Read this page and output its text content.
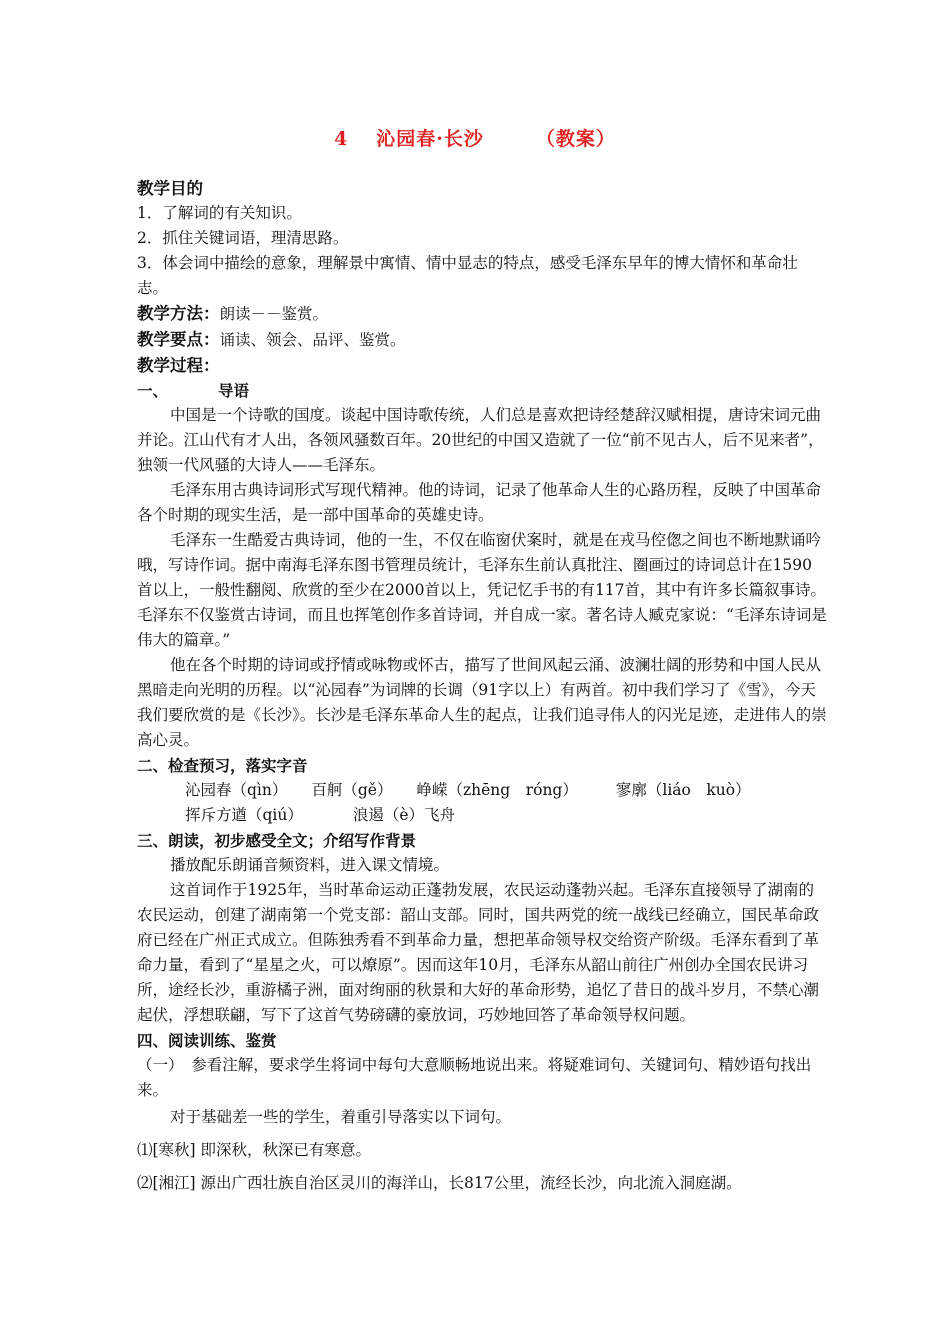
4 沁园春·长沙	（教案）
教学目的
1．了解词的有关知识。
2．抓住关键词语，理清思路。
3．体会词中描绘的意象，理解景中寓情、情中显志的特点，感受毛泽东早年的博大情怀和革命壮志。
教学方法：朗读－－鉴赏。
教学要点：诵读、领会、品评、鉴赏。
教学过程：
一、	导语
中国是一个诗歌的国度。谈起中国诗歌传统，人们总是喜欢把诗经楚辞汉赋相提，唐诗宋词元曲并论。江山代有才人出，各领风骚数百年。20世纪的中国又造就了一位“前不见古人，后不见来者”，独领一代风骚的大诗人——毛泽东。
毛泽东用古典诗词形式写现代精神。他的诗词，记录了他革命人生的心路历程，反映了中国革命各个时期的现实生活，是一部中国革命的英雄史诗。
毛泽东一生酷爱古典诗词，他的一生，不仅在临窗伏案时，就是在戎马倥偬之间也不断地默诵吟哦，写诗作词。据中南海毛泽东图书管理员统计，毛泽东生前认真批注、圈画过的诗词总计在1590首以上，一般性翻阅、欣赏的至少在2000首以上，凭记忆手书的有117首，其中有许多长篇叙事诗。毛泽东不仅鉴赏古诗词，而且也挥笔创作多首诗词，并自成一家。著名诗人臧克家说：“毛泽东诗词是伟大的篇章。”
他在各个时期的诗词或抒情或咏物或怀古，描写了世间风起云涌、波澜壮阔的形势和中国人民从黑暗走向光明的历程。以“沁园春”为词牌的长调（91字以上）有两首。初中我们学习了《雪》，今天我们要欣赏的是《长沙》。长沙是毛泽东革命人生的起点，让我们追寻伟人的闪光足迹，走进伟人的崇高心灵。
二、检查预习，落实字音
沁园春（qìn） 百舸（gě） 峥嵘（zhēng　róng） 寥廓（liáo　kuò）
挥斥方遒（qiú）	浪遏（è）飞舟
三、朗读，初步感受全文；介绍写作背景
播放配乐朗诵音频资料，进入课文情境。
这首词作于1925年，当时革命运动正蓬勃发展，农民运动蓬勃兴起。毛泽东直接领导了湖南的农民运动，创建了湖南第一个党支部：韶山支部。同时，国共两党的统一战线已经确立，国民革命政府已经在广州正式成立。但陈独秀看不到革命力量，想把革命领导权交给资产阶级。毛泽东看到了革命力量，看到了“星星之火，可以燎原”。因而这年10月，毛泽东从韶山前往广州创办全国农民讲习所，途经长沙，重游橘子洲，面对绚丽的秋景和大好的革命形势，追忆了昔日的战斗岁月，不禁心潮起伏，浮想联翩，写下了这首气势磅礴的豪放词，巧妙地回答了革命领导权问题。
四、阅读训练、鉴赏
（一）　参看注解，要求学生将词中每句大意顺畅地说出来。将疑难词句、关键词句、精妙语句找出来。
对于基础差一些的学生，着重引导落实以下词句。
⑴[寒秋] 即深秋，秋深已有寒意。
⑵[湘江] 源出广西壮族自治区灵川的海洋山，长817公里，流经长沙，向北流入洞庭湖。
